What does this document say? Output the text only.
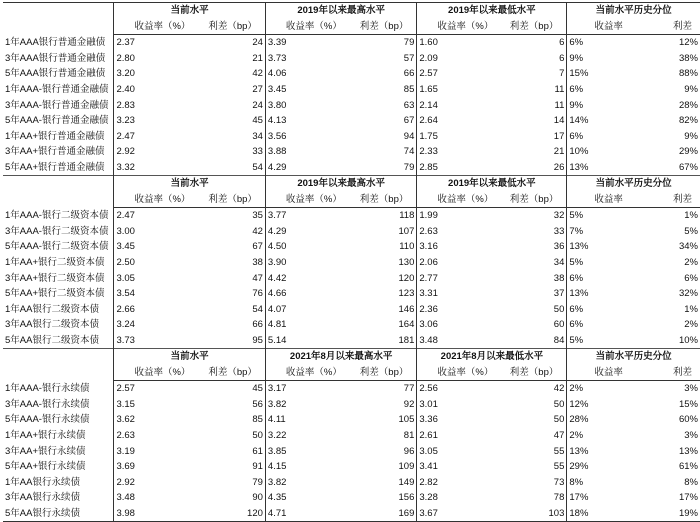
	当前水平		2019年以来最高水平		2019年以来最低水平		当前水平历史分位	
	收益率（%）	利差（bp）	收益率（%）	利差（bp）	收益率（%）	利差（bp）	收益率	利差
1年AAA银行普通金融债	2.37	24	3.39	79	1.60	6	6%	12%
3年AAA银行普通金融债	2.80	21	3.73	57	2.09	6	9%	38%
5年AAA银行普通金融债	3.20	42	4.06	66	2.57	7	15%	88%
1年AAA-银行普通金融债	2.40	27	3.45	85	1.65	11	6%	9%
3年AAA-银行普通金融债	2.83	24	3.80	63	2.14	11	9%	28%
5年AAA-银行普通金融债	3.23	45	4.13	67	2.64	14	14%	82%
1年AA+银行普通金融债	2.47	34	3.56	94	1.75	17	6%	9%
3年AA+银行普通金融债	2.92	33	3.88	74	2.33	21	10%	29%
5年AA+银行普通金融债	3.32	54	4.29	79	2.85	26	13%	67%
	当前水平		2019年以来最高水平		2019年以来最低水平		当前水平历史分位	
	收益率（%）	利差（bp）	收益率（%）	利差（bp）	收益率（%）	利差（bp）	收益率	利差
1年AAA-银行二级资本债	2.47	35	3.77	118	1.99	32	5%	1%
3年AAA-银行二级资本债	3.00	42	4.29	107	2.63	33	7%	5%
5年AAA-银行二级资本债	3.45	67	4.50	110	3.16	36	13%	34%
1年AA+银行二级资本债	2.50	38	3.90	130	2.06	34	5%	2%
3年AA+银行二级资本债	3.05	47	4.42	120	2.77	38	6%	6%
5年AA+银行二级资本债	3.54	76	4.66	123	3.31	37	13%	32%
1年AA银行二级资本债	2.66	54	4.07	146	2.36	50	6%	1%
3年AA银行二级资本债	3.24	66	4.81	164	3.06	60	6%	2%
5年AA银行二级资本债	3.73	95	5.14	181	3.48	84	5%	10%
	当前水平		2021年8月以来最高水平		2021年8月以来最低水平		当前水平历史分位	
	收益率（%）	利差（bp）	收益率（%）	利差（bp）	收益率（%）	利差（bp）	收益率	利差
1年AAA-银行永续债	2.57	45	3.17	77	2.56	42	2%	3%
3年AAA-银行永续债	3.15	56	3.82	92	3.01	50	12%	15%
5年AAA-银行永续债	3.62	85	4.11	105	3.36	50	28%	60%
1年AA+银行永续债	2.63	50	3.22	81	2.61	47	2%	3%
3年AA+银行永续债	3.19	61	3.85	96	3.05	55	13%	13%
5年AA+银行永续债	3.69	91	4.15	109	3.41	55	29%	61%
1年AA银行永续债	2.92	79	3.82	149	2.82	73	8%	8%
3年AA银行永续债	3.48	90	4.35	156	3.28	78	17%	17%
5年AA银行永续债	3.98	120	4.71	169	3.67	103	18%	19%
